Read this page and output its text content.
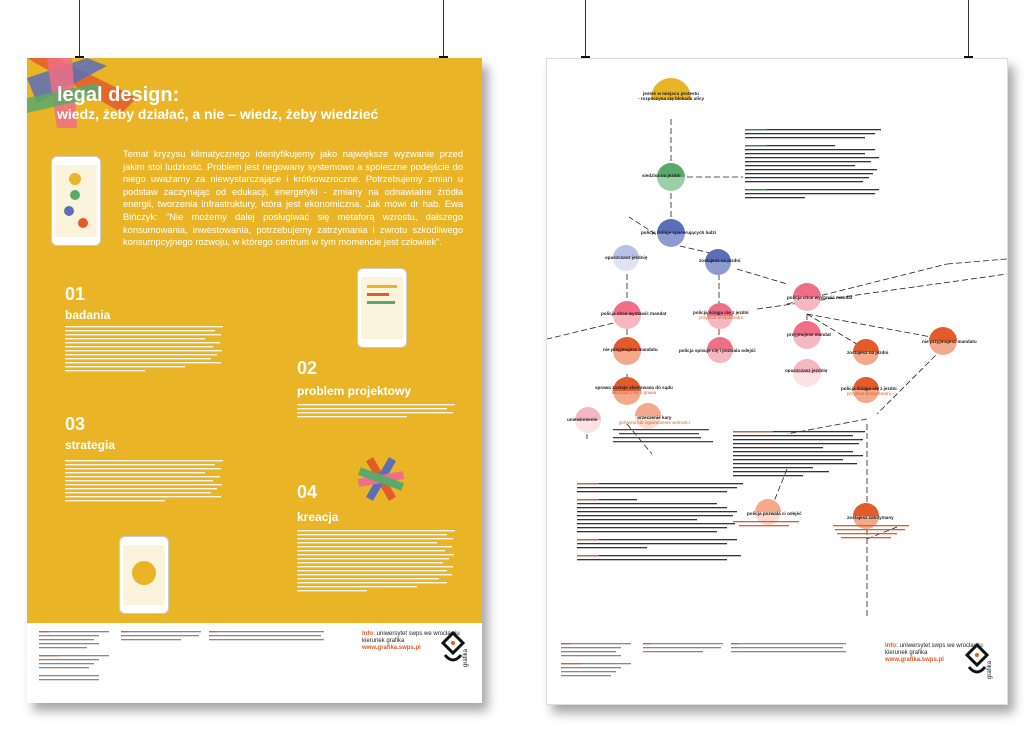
legal design:
wiedz, żeby działać, a nie – wiedz, żeby wiedzieć
Temat kryzysu klimatycznego identyfikujemy jako największe wyzwanie przed jakim stoi ludzkość. Problem jest negowany systemowo a społeczne podejście do niego uważamy za niewystarczające i krótkowzroczne. Potrzebujemy zmian u podstaw zaczynając od edukacji, energetyki - zmiany na odnawialne źródła energii, tworzenia infrastruktury, która jest ekonomiczna. Jak mówi dr hab. Ewa Bińczyk: "Nie możemy dalej posługiwać się metaforą wzrostu, dalszego konsumowania, inwestowania, potrzebujemy zatrzymania i zwrotu szkodliwego konsumpcyjnego rozwoju, w którego centrum w tym momencie jest człowiek".
01
badania
02
problem projektowy
03
strategia
04
kreacja
Info: uniwersytet swps we wrocławiu
kierunek grafika
www.grafika.swps.pl
grafika
jesteś w miejscu protestu
- rozpoczyna się blokada ulicy
siedzisz na jezdni
policja izoluje spacerujących ludzi
opuszczasz jezdnię
zostajesz na jezdni
policja chce wystawić mandat	policja ściąga cię z jezdni
przymus bezpośredni
nie przyjmujesz mandatu	policja spisuje cię i pozwala odejść
sprawa zostaje skierowana do sądu
skazujący się z prawa
uniewinnienie	orzeczenie kary
grzywna lub ograniczenie wolności
policja chce wystawić mandat
przyjmujesz mandat
opuszczasz jezdnię
zostajesz na jezdni
nie przyjmujesz mandatu
policja ściąga cię z jezdni
przymus bezpośredni
policja pozwala ci odejść
zostajesz zatrzymany
Info: uniwersytet swps we wrocławiu
kierunek grafika
www.grafika.swps.pl
grafika
